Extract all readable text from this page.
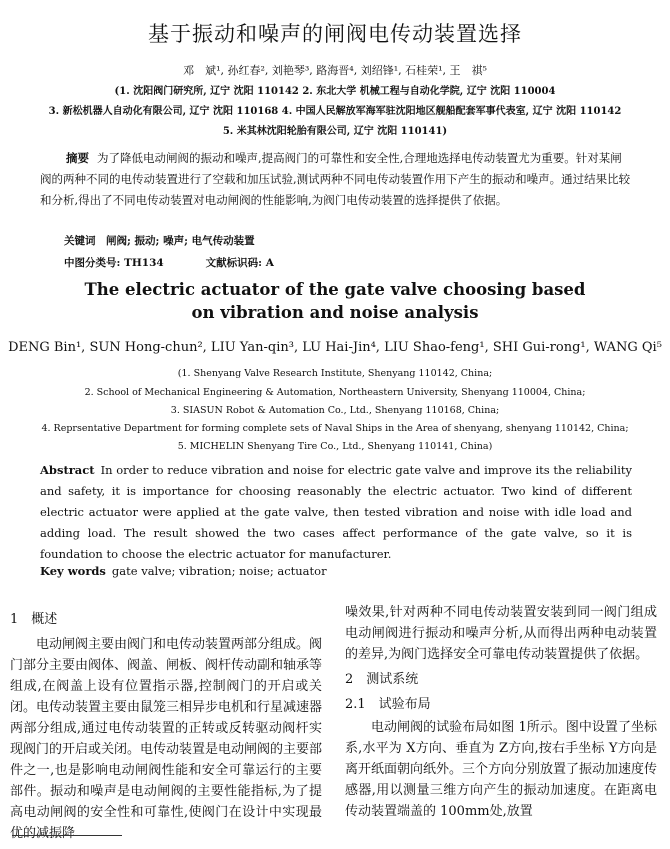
基于振动和噪声的闸阀电传动装置选择
邓　斌¹, 孙红春², 刘艳琴³, 路海晋⁴, 刘绍锋¹, 石桂荣¹, 王　祺⁵
(1. 沈阳阀门研究所, 辽宁 沈阳 110142 2. 东北大学 机械工程与自动化学院, 辽宁 沈阳 110004
3. 新松机器人自动化有限公司, 辽宁 沈阳 110168 4. 中国人民解放军海军驻沈阳地区舰船配套军事代表室, 辽宁 沈阳 110142
5. 米其林沈阳轮胎有限公司, 辽宁 沈阳 110141)
摘要 为了降低电动闸阀的振动和噪声,提高阀门的可靠性和安全性,合理地选择电传动装置尤为重要。针对某闸阀的两种不同的电传动装置进行了空载和加压试验,测试两种不同电传动装置作用下产生的振动和噪声。通过结果比较和分析,得出了不同电传动装置对电动闸阀的性能影响,为阀门电传动装置的选择提供了依据。
关键词　闸阀; 振动; 噪声; 电气传动装置
中图分类号: TH134　　　　文献标识码: A
The electric actuator of the gate valve choosing based
on vibration and noise analysis
DENG Bin¹, SUN Hong-chun², LIU Yan-qin³, LU Hai-Jin⁴, LIU Shao-feng¹, SHI Gui-rong¹, WANG Qi⁵
(1. Shenyang Valve Research Institute, Shenyang 110142, China;
2. School of Mechanical Engineering & Automation, Northeastern University, Shenyang 110004, China;
3. SIASUN Robot & Automation Co., Ltd., Shenyang 110168, China;
4. Reprsentative Department for forming complete sets of Naval Ships in the Area of shenyang, shenyang 110142, China;
5. MICHELIN Shenyang Tire Co., Ltd., Shenyang 110141, China)
Abstract In order to reduce vibration and noise for electric gate valve and improve its the reliability and safety, it is importance for choosing reasonably the electric actuator. Two kind of different electric actuator were applied at the gate valve, then tested vibration and noise with idle load and adding load. The result showed the two cases affect performance of the gate valve, so it is foundation to choose the electric actuator for manufacturer.
Key words gate valve; vibration; noise; actuator
1　概述

电动闸阀主要由阀门和电传动装置两部分组成。阀门部分主要由阀体、阀盖、闸板、阀杆传动副和轴承等组成,在阀盖上设有位置指示器,控制阀门的开启或关闭。电传动装置主要由鼠笼三相异步电机和行星减速器两部分组成,通过电传动装置的正转或反转驱动阀杆实现阀门的开启或关闭。电传动装置是电动闸阀的主要部件之一,也是影响电动闸阀性能和安全可靠运行的主要部件。振动和噪声是电动闸阀的主要性能指标,为了提高电动闸阀的安全性和可靠性,使阀门在设计中实现最优的减振降

噪效果,针对两种不同电传动装置安装到同一阀门组成电动闸阀进行振动和噪声分析,从而得出两种电动装置的差异,为阀门选择安全可靠电传动装置提供了依据。

2　测试系统
2.1　试验布局

电动闸阀的试验布局如图 1所示。图中设置了坐标系,水平为 X方向、垂直为 Z方向,按右手坐标 Y方向是离开纸面朝向纸外。三个方向分别放置了振动加速度传感器,用以测量三维方向产生的振动加速度。在距离电传动装置端盖的 100mm处,放置
